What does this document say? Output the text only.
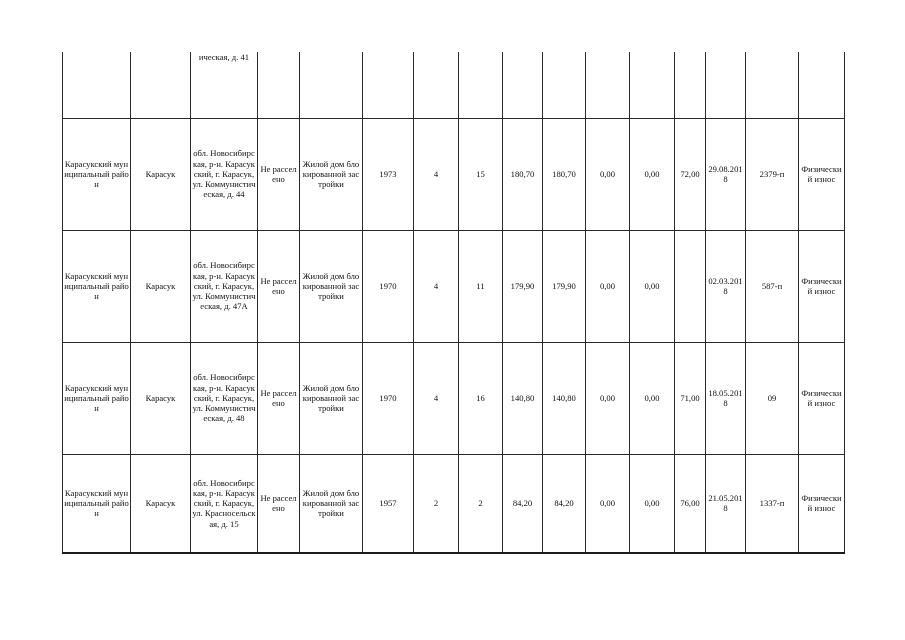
		ическая, д. 41													
Карасукский муниципальный район	Карасук	обл. Новосибирская, р-н. Карасукский, г. Карасук, ул. Коммунистическая, д. 44	Не расселено	Жилой дом блокированной застройки	1973	4	15	180,70	180,70	0,00	0,00	72,00	29.08.2018	2379-п	Физический износ
Карасукский муниципальный район	Карасук	обл. Новосибирская, р-н. Карасукский, г. Карасук, ул. Коммунистическая, д. 47А	Не расселено	Жилой дом блокированной застройки	1970	4	11	179,90	179,90	0,00	0,00		02.03.2018	587-п	Физический износ
Карасукский муниципальный район	Карасук	обл. Новосибирская, р-н. Карасукский, г. Карасук, ул. Коммунистическая, д. 48	Не расселено	Жилой дом блокированной застройки	1970	4	16	140,80	140,80	0,00	0,00	71,00	18.05.2018	09	Физический износ
Карасукский муниципальный район	Карасук	обл. Новосибирская, р-н. Карасукский, г. Карасук, ул. Красносельская, д. 15	Не расселено	Жилой дом блокированной застройки	1957	2	2	84,20	84,20	0,00	0,00	76,00	21.05.2018	1337-п	Физический износ
